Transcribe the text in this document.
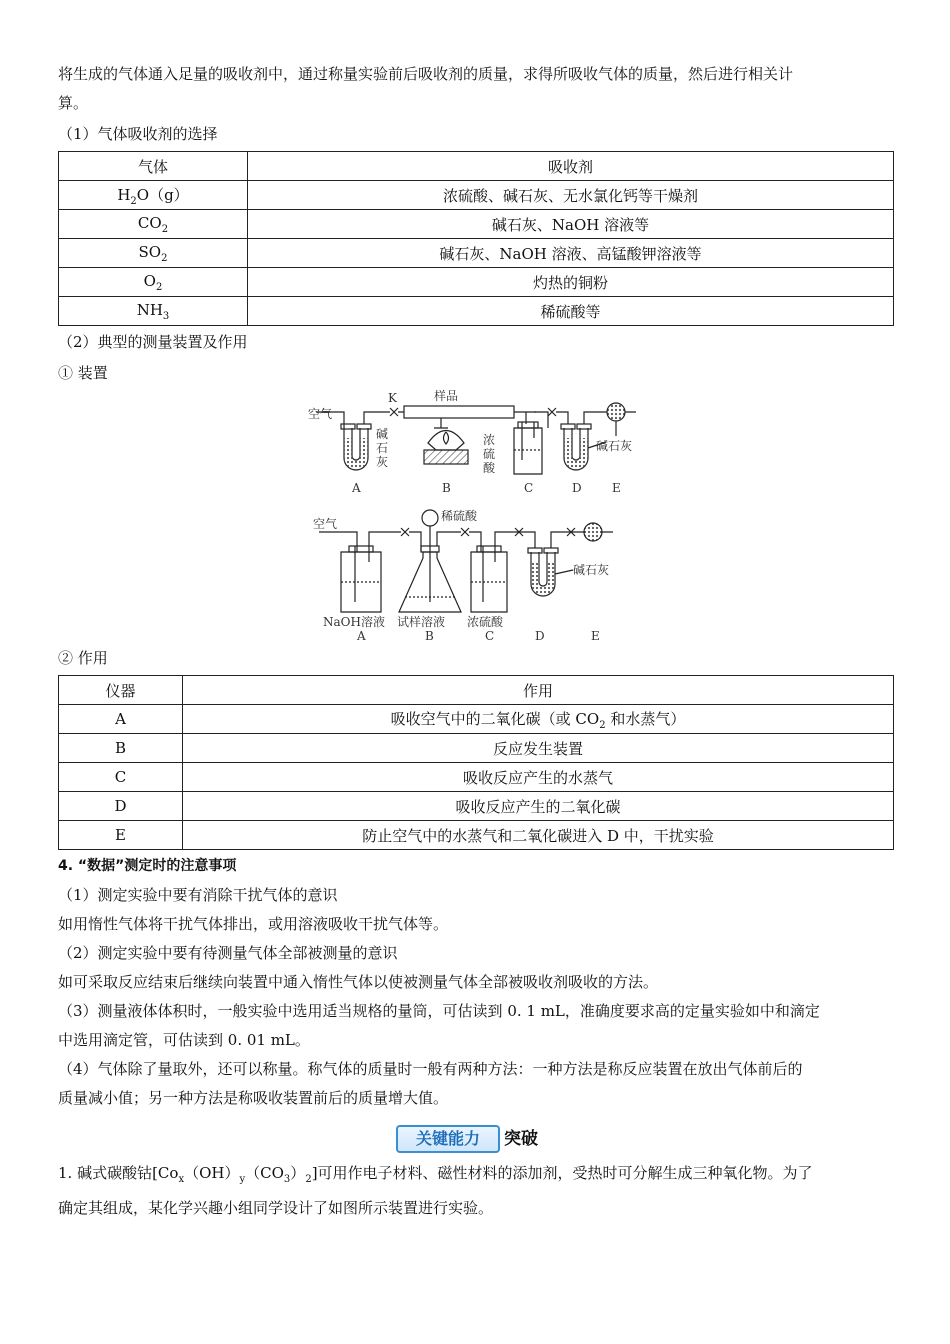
将生成的气体通入足量的吸收剂中，通过称量实验前后吸收剂的质量，求得所吸收气体的质量，然后进行相关计

算。

（1）气体吸收剂的选择

气体	吸收剂
$H_2O(g)$	浓硫酸、碱石灰、无水氯化钙等干燥剂
$CO_2$	碱石灰、NaOH 溶液等
$SO_2$	碱石灰、NaOH 溶液、高锰酸钾溶液等
$O_2$	灼热的铜粉
$NH_3$	稀硫酸等

（2）典型的测量装置及作用

① 装置

空气
K	样品
碱
石
灰
浓
硫
酸
碱石灰
A	B	C	D	E
空气
稀硫酸
碱石灰
NaOH溶液 试样溶液 浓硫酸
A	B	C	D	E

② 作用

仪器	作用
A	吸收空气中的二氧化碳（或 $CO_2$ 和水蒸气）
B	反应发生装置
C	吸收反应产生的水蒸气
D	吸收反应产生的二氧化碳
E	防止空气中的水蒸气和二氧化碳进入 D 中，干扰实验

4. “数据”测定时的注意事项

（1）测定实验中要有消除干扰气体的意识

如用惰性气体将干扰气体排出，或用溶液吸收干扰气体等。

（2）测定实验中要有待测量气体全部被测量的意识

如可采取反应结束后继续向装置中通入惰性气体以使被测量气体全部被吸收剂吸收的方法。

（3）测量液体体积时，一般实验中选用适当规格的量筒，可估读到 0. 1 mL，准确度要求高的定量实验如中和滴定

中选用滴定管，可估读到 0. 01 mL。

（4）气体除了量取外，还可以称量。称气体的质量时一般有两种方法：一种方法是称反应装置在放出气体前后的

质量减小值；另一种方法是称吸收装置前后的质量增大值。

关键能力	突破

1. 碱式碳酸钴$[Co_x(OH)_y(CO_3)_2]$可用作电子材料、磁性材料的添加剂，受热时可分解生成三种氧化物。为了

确定其组成，某化学兴趣小组同学设计了如图所示装置进行实验。
